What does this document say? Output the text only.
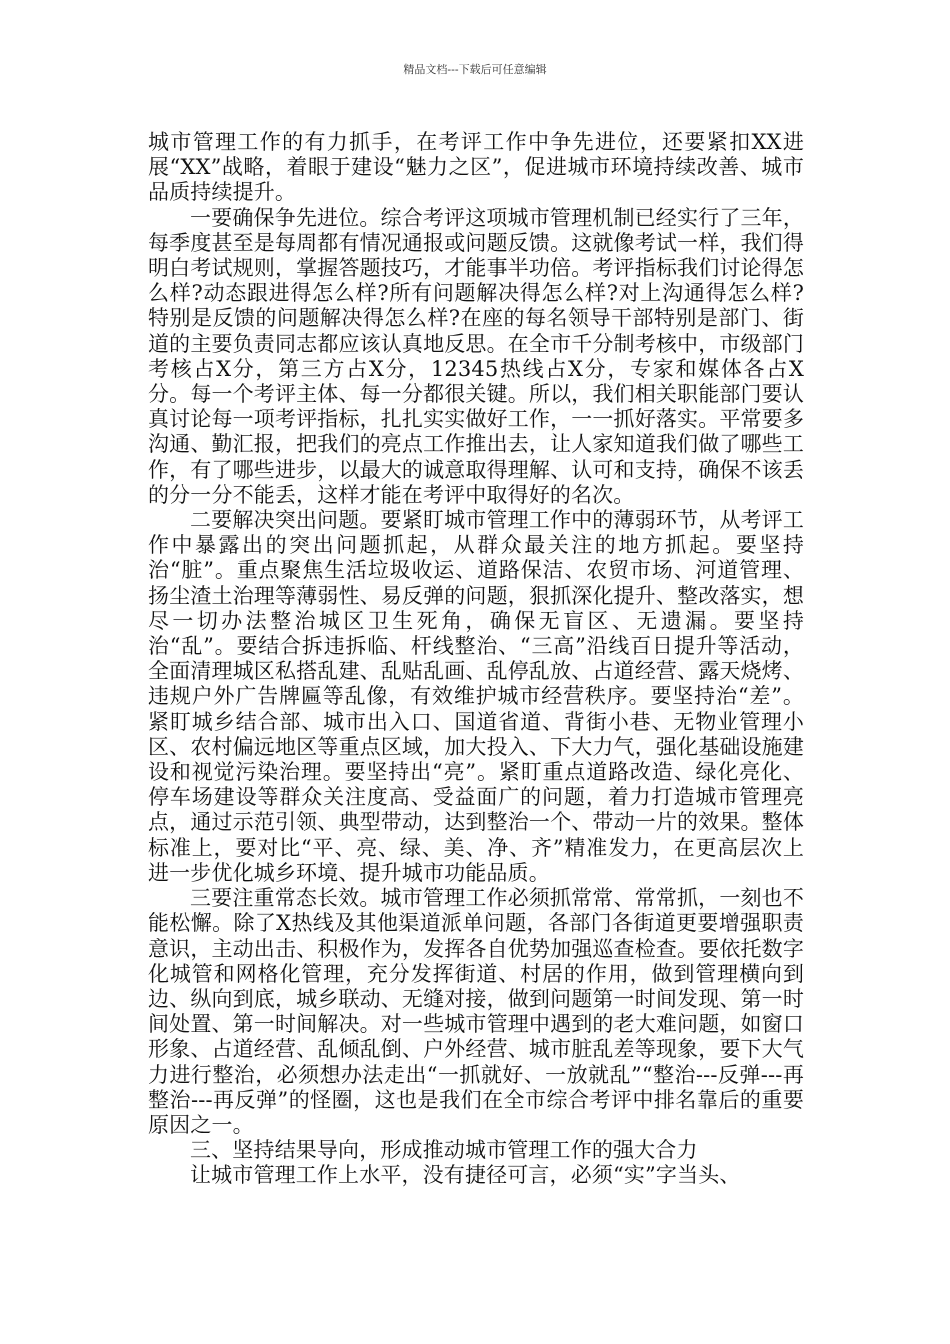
精品文档---下载后可任意编辑

城市管理工作的有力抓手，在考评工作中争先进位，还要紧扣XX进展“XX”战略，着眼于建设“魅力之区”，促进城市环境持续改善、城市品质持续提升。

一要确保争先进位。综合考评这项城市管理机制已经实行了三年，每季度甚至是每周都有情况通报或问题反馈。这就像考试一样，我们得明白考试规则，掌握答题技巧，才能事半功倍。考评指标我们讨论得怎么样?动态跟进得怎么样?所有问题解决得怎么样?对上沟通得怎么样?特别是反馈的问题解决得怎么样?在座的每名领导干部特别是部门、街道的主要负责同志都应该认真地反思。在全市千分制考核中，市级部门考核占X分，第三方占X分，12345热线占X分，专家和媒体各占X分。每一个考评主体、每一分都很关键。所以，我们相关职能部门要认真讨论每一项考评指标，扎扎实实做好工作，一一抓好落实。平常要多沟通、勤汇报，把我们的亮点工作推出去，让人家知道我们做了哪些工作，有了哪些进步，以最大的诚意取得理解、认可和支持，确保不该丢的分一分不能丢，这样才能在考评中取得好的名次。

二要解决突出问题。要紧盯城市管理工作中的薄弱环节，从考评工作中暴露出的突出问题抓起，从群众最关注的地方抓起。要坚持治“脏”。重点聚焦生活垃圾收运、道路保洁、农贸市场、河道管理、扬尘渣土治理等薄弱性、易反弹的问题，狠抓深化提升、整改落实，想尽一切办法整治城区卫生死角，确保无盲区、无遗漏。要坚持治“乱”。要结合拆违拆临、杆线整治、“三高”沿线百日提升等活动，全面清理城区私搭乱建、乱贴乱画、乱停乱放、占道经营、露天烧烤、违规户外广告牌匾等乱像，有效维护城市经营秩序。要坚持治“差”。紧盯城乡结合部、城市出入口、国道省道、背街小巷、无物业管理小区、农村偏远地区等重点区域，加大投入、下大力气，强化基础设施建设和视觉污染治理。要坚持出“亮”。紧盯重点道路改造、绿化亮化、停车场建设等群众关注度高、受益面广的问题，着力打造城市管理亮点，通过示范引领、典型带动，达到整治一个、带动一片的效果。整体标准上，要对比“平、亮、绿、美、净、齐”精准发力，在更高层次上进一步优化城乡环境、提升城市功能品质。

三要注重常态长效。城市管理工作必须抓常常、常常抓，一刻也不能松懈。除了X热线及其他渠道派单问题，各部门各街道更要增强职责意识，主动出击、积极作为，发挥各自优势加强巡查检查。要依托数字化城管和网格化管理，充分发挥街道、村居的作用，做到管理横向到边、纵向到底，城乡联动、无缝对接，做到问题第一时间发现、第一时间处置、第一时间解决。对一些城市管理中遇到的老大难问题，如窗口形象、占道经营、乱倾乱倒、户外经营、城市脏乱差等现象，要下大气力进行整治，必须想办法走出“一抓就好、一放就乱”“整治---反弹---再整治---再反弹”的怪圈，这也是我们在全市综合考评中排名靠后的重要原因之一。

三、坚持结果导向，形成推动城市管理工作的强大合力

让城市管理工作上水平，没有捷径可言，必须“实”字当头、
